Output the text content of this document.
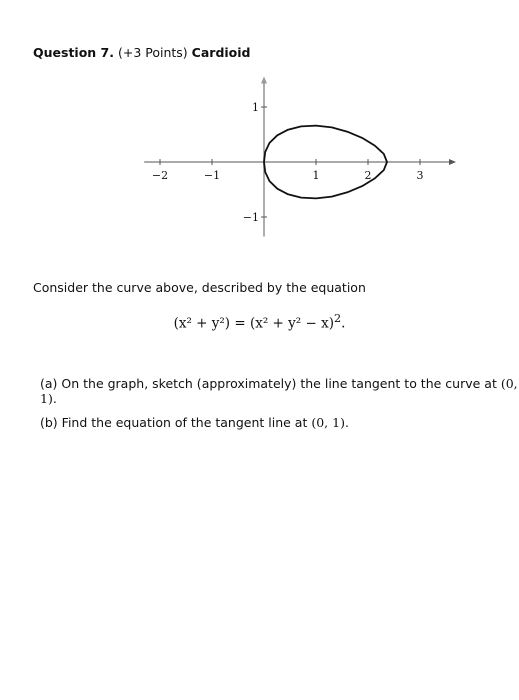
Question 7. (+3 Points) Cardioid
−2	−1	1	2	3
−1
1
Consider the curve above, described by the equation
$(x^2 + y^2) = (x^2 + y^2 - x)^2$.
(a) On the graph, sketch (approximately) the line tangent to the curve at (0, 1).
(b) Find the equation of the tangent line at (0, 1).
